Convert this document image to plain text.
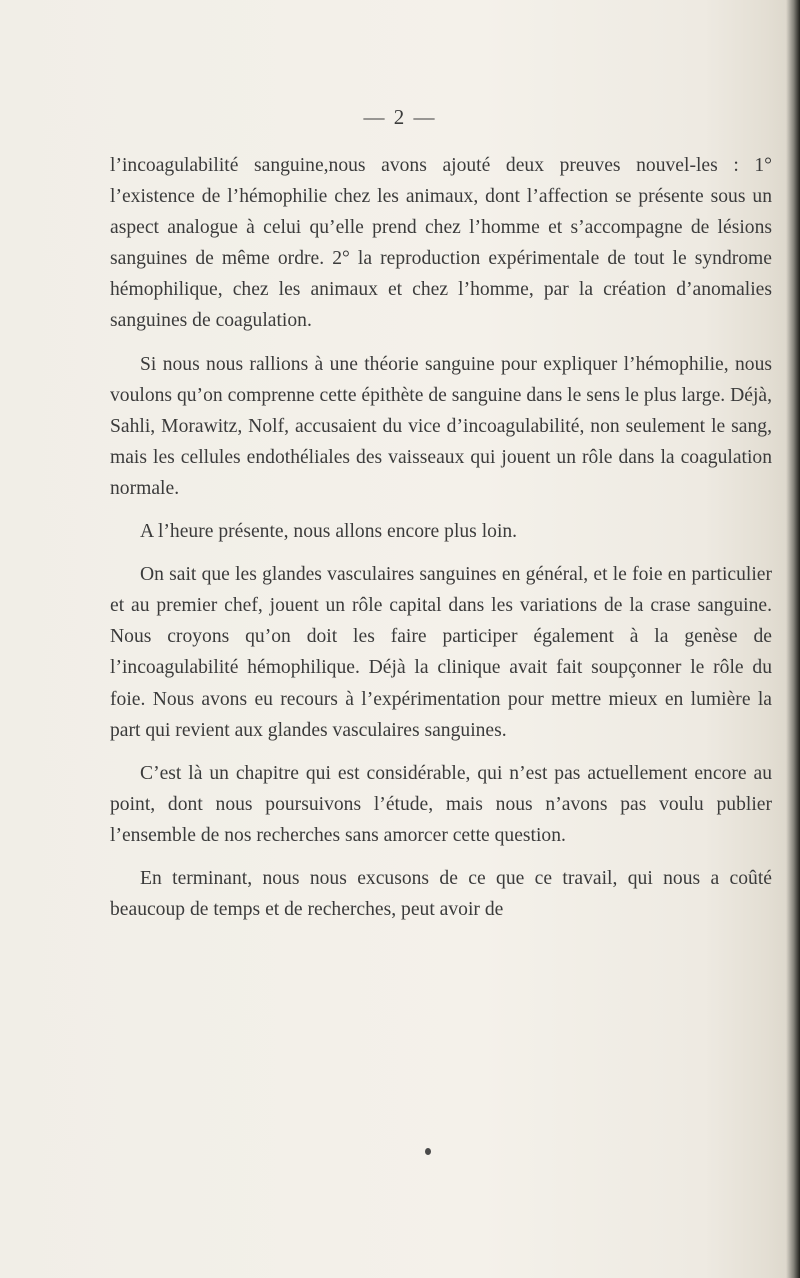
— 2 —

l’incoagulabilité sanguine,nous avons ajouté deux preuves nouvel-les : 1° l’existence de l’hémophilie chez les animaux, dont l’affection se présente sous un aspect analogue à celui qu’elle prend chez l’homme et s’accompagne de lésions sanguines de même ordre. 2° la reproduction expérimentale de tout le syndrome hémophilique, chez les animaux et chez l’homme, par la création d’anomalies sanguines de coagulation.

Si nous nous rallions à une théorie sanguine pour expliquer l’hémophilie, nous voulons qu’on comprenne cette épithète de sanguine dans le sens le plus large. Déjà, Sahli, Morawitz, Nolf, accusaient du vice d’incoagulabilité, non seulement le sang, mais les cellules endothéliales des vaisseaux qui jouent un rôle dans la coagulation normale.

A l’heure présente, nous allons encore plus loin.

On sait que les glandes vasculaires sanguines en général, et le foie en particulier et au premier chef, jouent un rôle capital dans les variations de la crase sanguine. Nous croyons qu’on doit les faire participer également à la genèse de l’incoagulabilité hémophilique. Déjà la clinique avait fait soupçonner le rôle du foie. Nous avons eu recours à l’expérimentation pour mettre mieux en lumière la part qui revient aux glandes vasculaires sanguines.

C’est là un chapitre qui est considérable, qui n’est pas actuellement encore au point, dont nous poursuivons l’étude, mais nous n’avons pas voulu publier l’ensemble de nos recherches sans amorcer cette question.

En terminant, nous nous excusons de ce que ce travail, qui nous a coûté beaucoup de temps et de recherches, peut avoir de
